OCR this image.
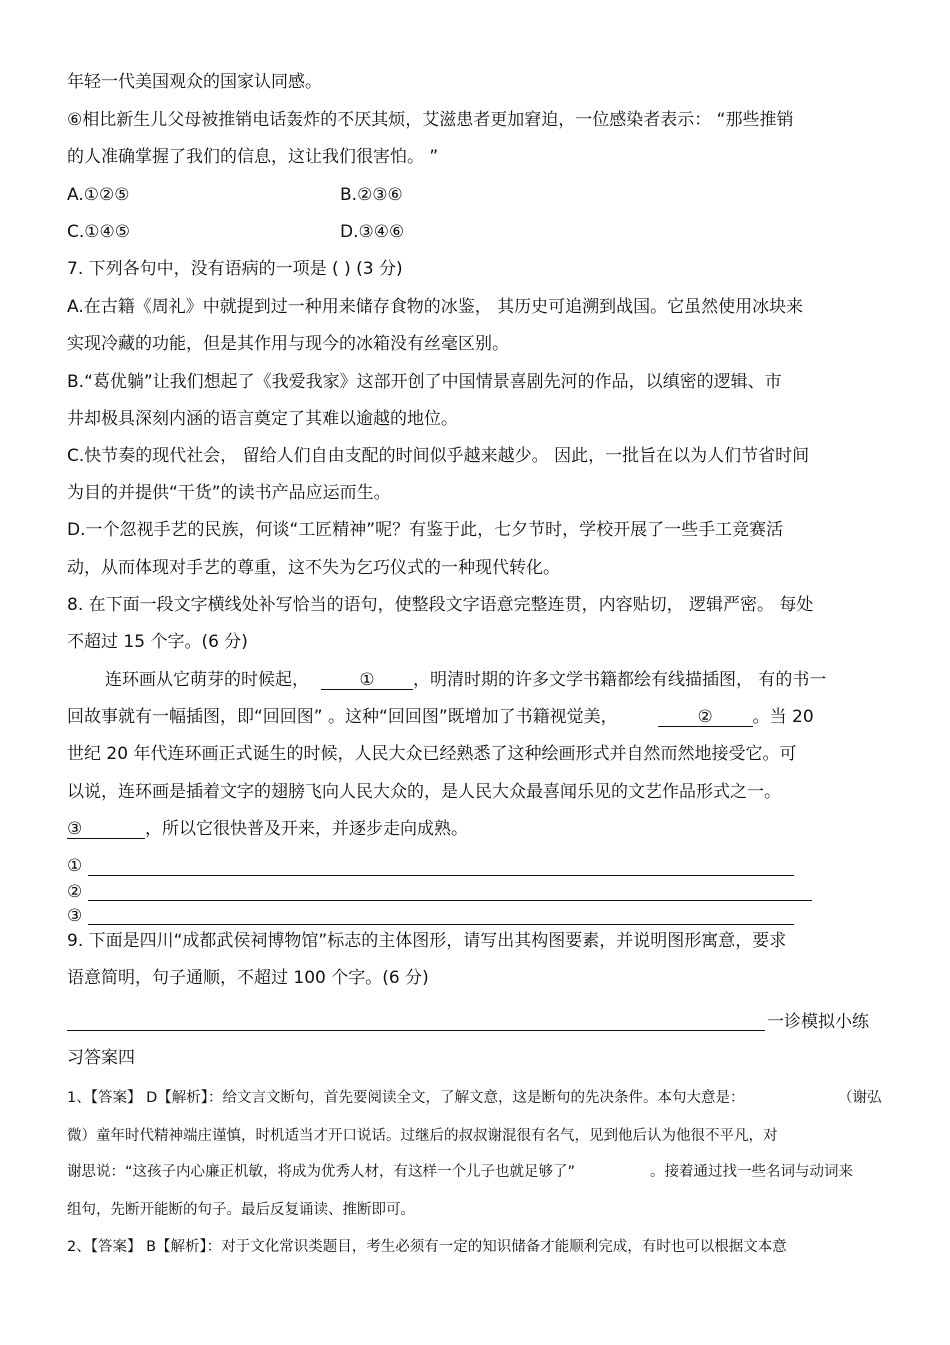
年轻一代美国观众的国家认同感。
⑥相比新生儿父母被推销电话轰炸的不厌其烦 · · · ·，艾滋患者更加窘迫，一位感染者表示： “那些推销
的人准确掌握了我们的信息，这让我们很害怕。 ”
A.①②⑤	B.②③⑥
C.①④⑤	D.③④⑥
7. 下列各句中，没有语病的一项是 ( ) (3 分)
A.在古籍《周礼》中就提到过一种用来储存食物的冰鉴， 其历史可追溯到战国。它虽然使用冰块来
实现冷藏的功能，但是其作用与现今的冰箱没有丝毫区别。
B.“葛优躺”让我们想起了《我爱我家》这部开创了中国情景喜剧先河的作品，以缜密的逻辑、市
井却极具深刻内涵的语言奠定了其难以逾越的地位。
C.快节奏的现代社会， 留给人们自由支配的时间似乎越来越少。 因此，一批旨在以为人们节省时间
为目的并提供“干货”的读书产品应运而生。
D.一个忽视手艺的民族，何谈“工匠精神”呢？有鉴于此，七夕节时，学校开展了一些手工竞赛活
动，从而体现对手艺的尊重，这不失为乞巧仪式的一种现代转化。
8. 在下面一段文字横线处补写恰当的语句，使整段文字语意完整连贯，内容贴切， 逻辑严密。 每处
不超过 15 个字。(6 分)
连环画从它萌芽的时候起，	① ，明清时期的许多文学书籍都绘有线描插图， 有的书一
回故事就有一幅插图，即“回回图” 。这种“回回图”既增加了书籍视觉美，	② 。当 20
世纪 20 年代连环画正式诞生的时候，人民大众已经熟悉了这种绘画形式并自然而然地接受它。可
以说，连环画是插着文字的翅膀飞向人民大众的，是人民大众最喜闻乐见的文艺作品形式之一。
③	，所以它很快普及开来，并逐步走向成熟。
①
②
③
9. 下面是四川“成都武侯祠博物馆”标志的主体图形，请写出其构图要素，并说明图形寓意，要求
语意简明，句子通顺，不超过 100 个字。(6 分)
一诊模拟小练
习答案四
1、【答案】 D【解析】：给文言文断句，首先要阅读全文，了解文意，这是断句的先决条件。本句大意是：	（谢弘
微）童年时代精神端庄谨慎，时机适当才开口说话。过继后的叔叔谢混很有名气，见到他后认为他很不平凡，对
谢思说：“这孩子内心廉正机敏，将成为优秀人材，有这样一个儿子也就足够了”	。接着通过找一些名词与动词来
组句，先断开能断的句子。最后反复诵读、推断即可。
2、【答案】 B【解析】：对于文化常识类题目，考生必须有一定的知识储备才能顺利完成，有时也可以根据文本意
